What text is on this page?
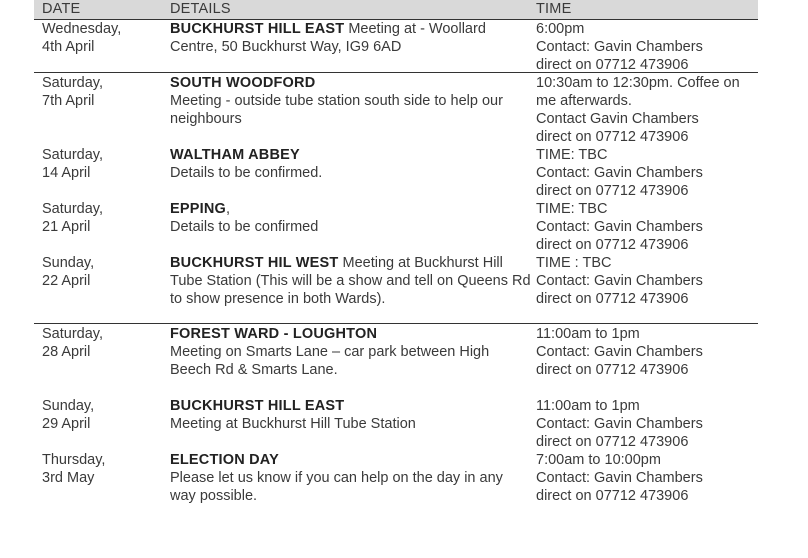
DATE	DETAILS	TIME
Wednesday,
4th April
BUCKHURST HILL EAST Meeting at - Woollard Centre, 50 Buckhurst Way, IG9 6AD
6:00pm
Contact: Gavin Chambers
direct on 07712 473906
Saturday,
7th April
SOUTH WOODFORD
Meeting - outside tube station south side to help our neighbours
10:30am to 12:30pm. Coffee on me afterwards.
Contact Gavin Chambers
direct on 07712 473906
Saturday,
14 April
WALTHAM ABBEY
Details to be confirmed.
TIME: TBC
Contact: Gavin Chambers
direct on 07712 473906
Saturday,
21 April
EPPING,
Details to be confirmed
TIME: TBC
Contact: Gavin Chambers
direct on 07712 473906
Sunday,
22 April
BUCKHURST HIL WEST Meeting at Buckhurst Hill Tube Station (This will be a show and tell on Queens Rd to show presence in both Wards).
TIME : TBC
Contact: Gavin Chambers
direct on 07712 473906
Saturday,
28 April
FOREST WARD - LOUGHTON
Meeting on Smarts Lane – car park between High Beech Rd & Smarts Lane.
11:00am to 1pm
Contact: Gavin Chambers
direct on 07712 473906
Sunday,
29 April
BUCKHURST HILL EAST
Meeting at Buckhurst Hill Tube Station
11:00am to 1pm
Contact: Gavin Chambers
direct on 07712 473906
Thursday,
3rd May
ELECTION DAY
Please let us know if you can help on the day in any way possible.
7:00am to 10:00pm
Contact: Gavin Chambers
direct on 07712 473906
